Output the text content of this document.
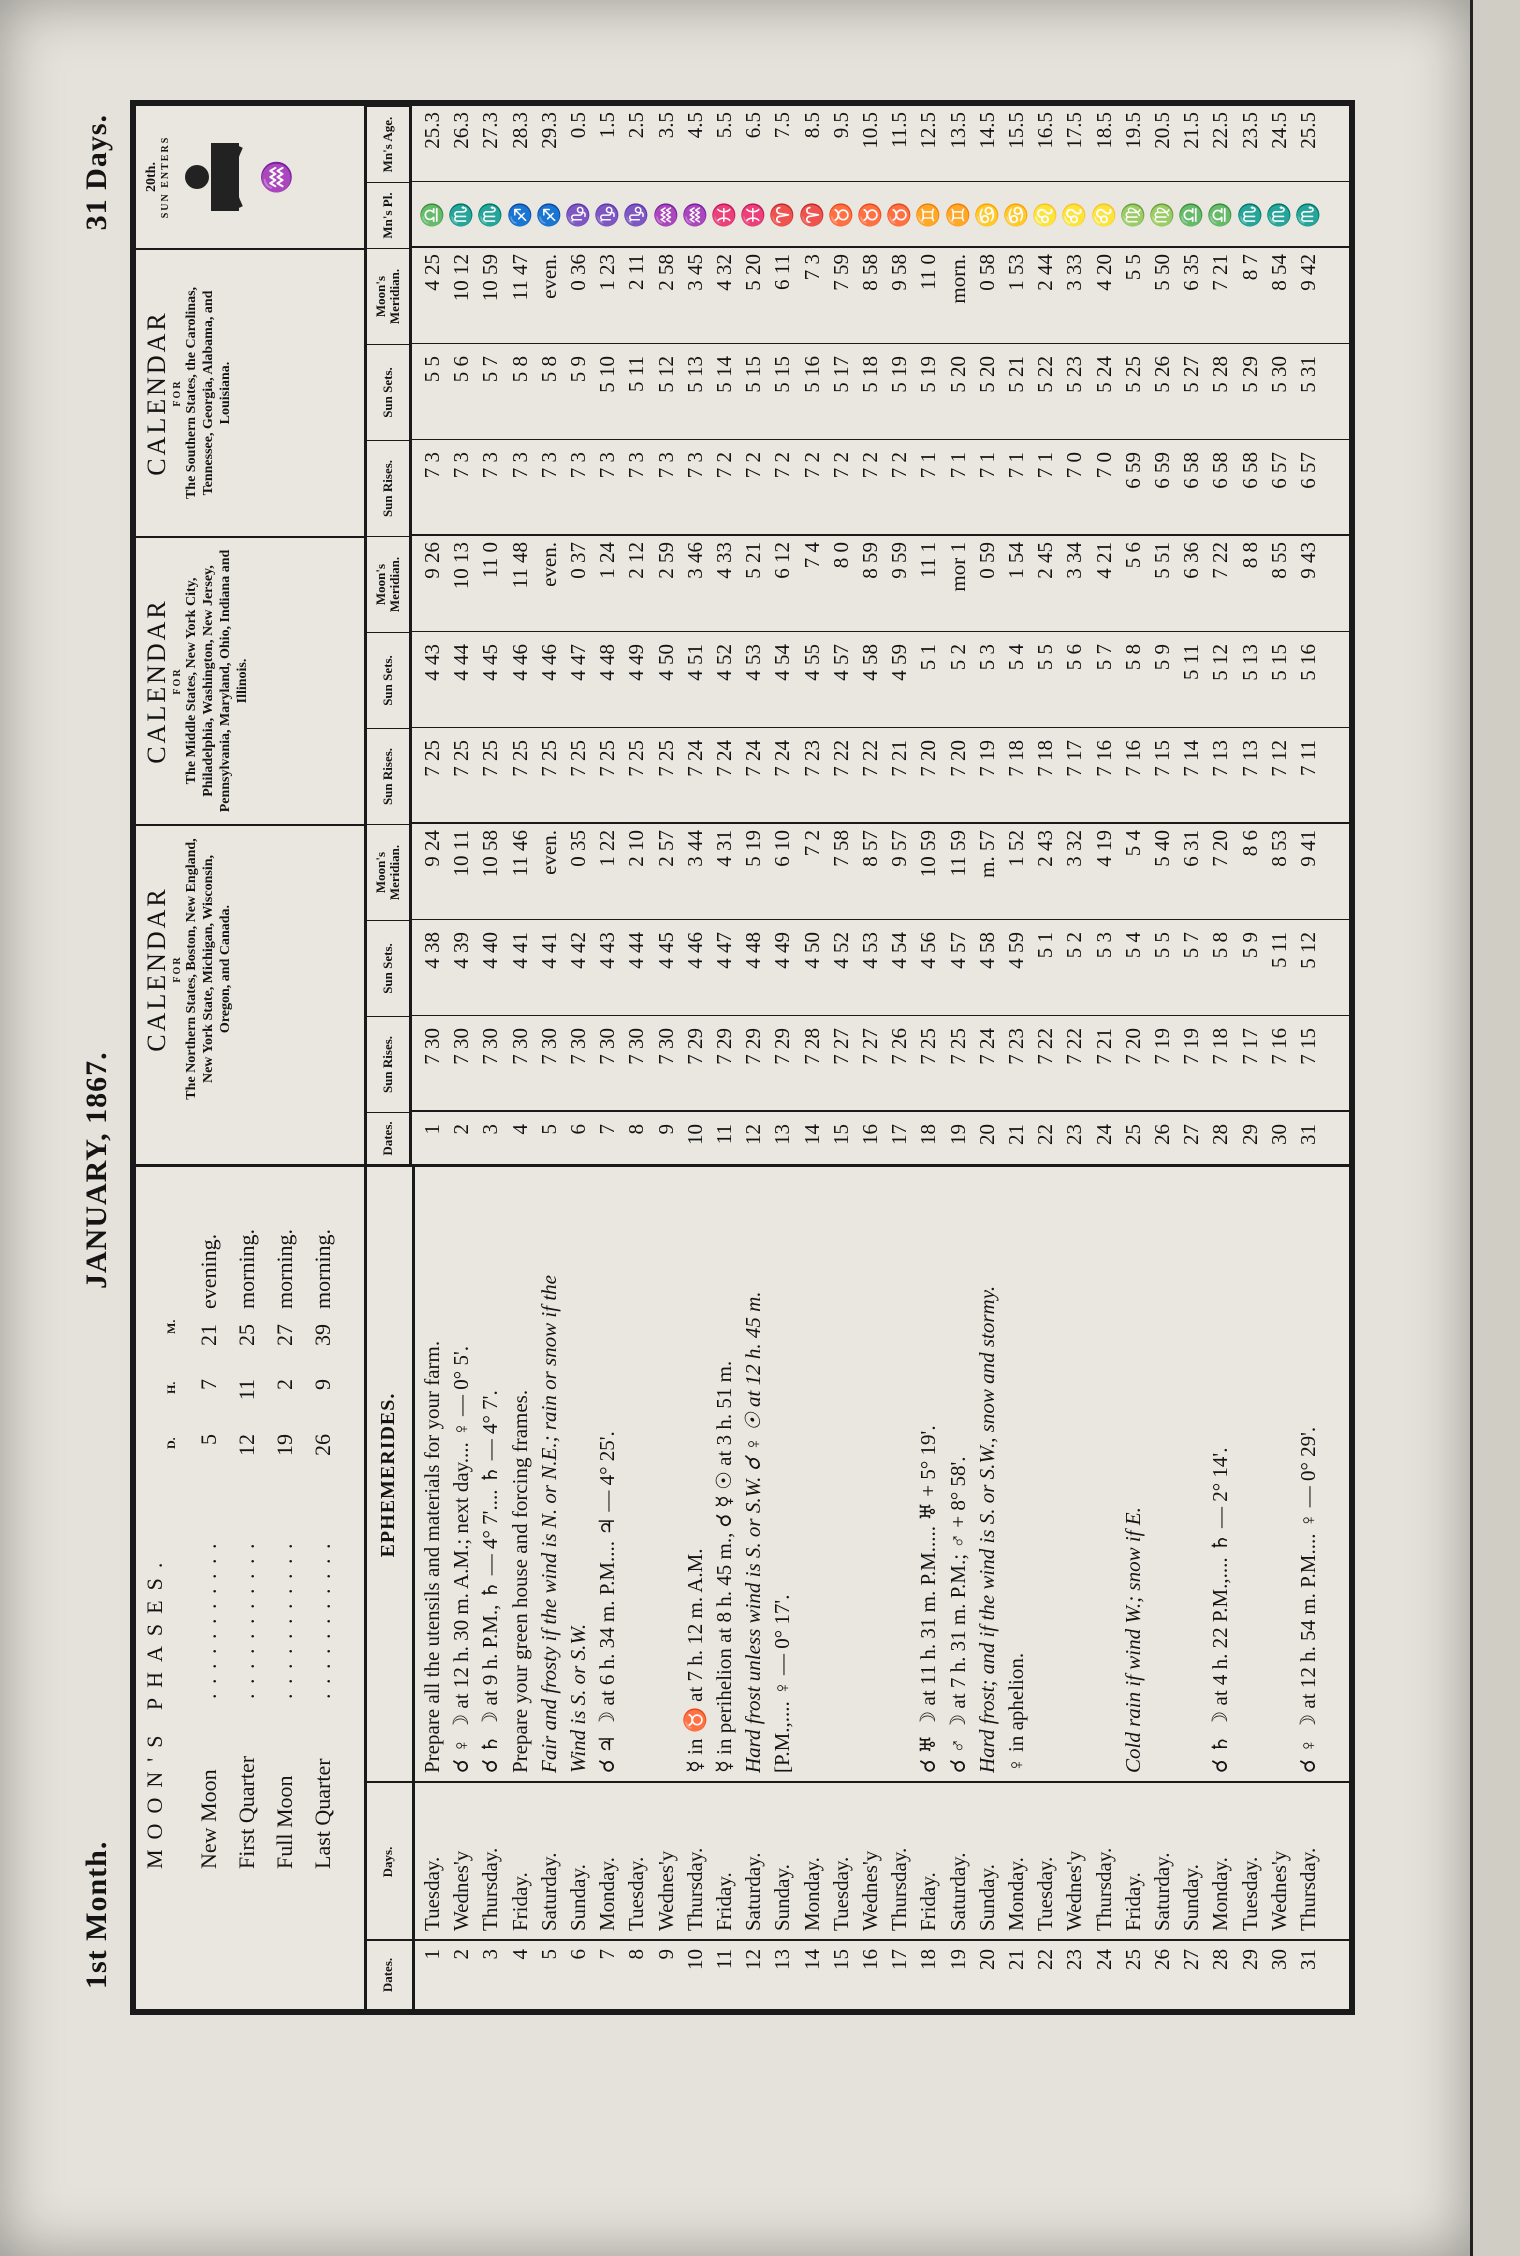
1st Month.
JANUARY, 1867.
31 Days.
MOON'S PHASES.
D.
H.
M.
New Moon
. . . . . . . . . . .
5
7
21
evening.
First Quarter
. . . . . . . . . . .
12
11
25
morning.
Full Moon
. . . . . . . . . . .
19
2
27
morning.
Last Quarter
. . . . . . . . . . .
26
9
39
morning.
Dates.
Days.
EPHEMERIDES.
1
Tuesday.
Prepare all the utensils and materials for your farm.
2
Wednes'y
☌ ♀ ☽ at 12 h. 30 m. A.M.; next day.... ♀ — 0° 5'.
3
Thursday.
☌ ♄ ☽ at 9 h. P.M., ♄ — 4° 7'.... ♄ — 4° 7'.
4
Friday.
Prepare your green house and forcing frames.
5
Saturday.
Fair and frosty if the wind is N. or N.E.; rain or snow if the
6
Sunday.
Wind is S. or S.W.
7
Monday.
☌ ♃ ☽ at 6 h. 34 m. P.M.... ♃ — 4° 25'.
8
Tuesday.
9
Wednes'y
10
Thursday.
☿ in ♉ at 7 h. 12 m. A.M.
11
Friday.
☿ in perihelion at 8 h. 45 m., ☌ ☿ ☉ at 3 h. 51 m.
12
Saturday.
Hard frost unless wind is S. or S.W. ☌ ♀ ☉ at 12 h. 45 m.
13
Sunday.
[P.M.,.... ♀ — 0° 17'.
14
Monday.
15
Tuesday.
16
Wednes'y
17
Thursday.
18
Friday.
☌ ♅ ☽ at 11 h. 31 m. P.M..... ♅ + 5° 19'.
19
Saturday.
☌ ♂ ☽ at 7 h. 31 m. P.M.; ♂ + 8° 58'.
20
Sunday.
Hard frost; and if the wind is S. or S.W., snow and stormy.
21
Monday.
♀ in aphelion.
22
Tuesday.
23
Wednes'y
24
Thursday.
25
Friday.
Cold rain if wind W.; snow if E.
26
Saturday.
27
Sunday.
28
Monday.
☌ ♄ ☽ at 4 h. 22 P.M.,.... ♄ — 2° 14'.
29
Tuesday.
30
Wednes'y
31
Thursday.
☌ ♀ ☽ at 12 h. 54 m. P.M.... ♀ — 0° 29'.
CALENDAR FOR The Northern States, Boston, New England, New York State, Michigan, Wisconsin, Oregon, and Canada.
CALENDAR FOR The Middle States, New York City, Philadelphia, Washington, New Jersey, Pennsylvania, Maryland, Ohio, Indiana and Illinois.
CALENDAR FOR The Southern States, the Carolinas, Tennessee, Georgia, Alabama, and Louisiana.
20th. SUN ENTERS	♒
Dates.
Sun Rises.
Sun Sets.
Moon's Meridian.
Sun Rises.
Sun Sets.
Moon's Meridian.
Sun Rises.
Sun Sets.
Moon's Meridian.
Mn's Pl.
Mn's Age.
1
7 30
4 38
9 24
7 25
4 43
9 26
7 3
5 5
4 25
♎
25.3
2
7 30
4 39
10 11
7 25
4 44
10 13
7 3
5 6
10 12
♏
26.3
3
7 30
4 40
10 58
7 25
4 45
11 0
7 3
5 7
10 59
♏
27.3
4
7 30
4 41
11 46
7 25
4 46
11 48
7 3
5 8
11 47
♐
28.3
5
7 30
4 41
even.
7 25
4 46
even.
7 3
5 8
even.
♐
29.3
6
7 30
4 42
0 35
7 25
4 47
0 37
7 3
5 9
0 36
♑
0.5
7
7 30
4 43
1 22
7 25
4 48
1 24
7 3
5 10
1 23
♑
1.5
8
7 30
4 44
2 10
7 25
4 49
2 12
7 3
5 11
2 11
♑
2.5
9
7 30
4 45
2 57
7 25
4 50
2 59
7 3
5 12
2 58
♒
3.5
10
7 29
4 46
3 44
7 24
4 51
3 46
7 3
5 13
3 45
♒
4.5
11
7 29
4 47
4 31
7 24
4 52
4 33
7 2
5 14
4 32
♓
5.5
12
7 29
4 48
5 19
7 24
4 53
5 21
7 2
5 15
5 20
♓
6.5
13
7 29
4 49
6 10
7 24
4 54
6 12
7 2
5 15
6 11
♈
7.5
14
7 28
4 50
7 2
7 23
4 55
7 4
7 2
5 16
7 3
♈
8.5
15
7 27
4 52
7 58
7 22
4 57
8 0
7 2
5 17
7 59
♉
9.5
16
7 27
4 53
8 57
7 22
4 58
8 59
7 2
5 18
8 58
♉
10.5
17
7 26
4 54
9 57
7 21
4 59
9 59
7 2
5 19
9 58
♉
11.5
18
7 25
4 56
10 59
7 20
5 1
11 1
7 1
5 19
11 0
♊
12.5
19
7 25
4 57
11 59
7 20
5 2
mor 1
7 1
5 20
morn.
♊
13.5
20
7 24
4 58
m. 57
7 19
5 3
0 59
7 1
5 20
0 58
♋
14.5
21
7 23
4 59
1 52
7 18
5 4
1 54
7 1
5 21
1 53
♋
15.5
22
7 22
5 1
2 43
7 18
5 5
2 45
7 1
5 22
2 44
♌
16.5
23
7 22
5 2
3 32
7 17
5 6
3 34
7 0
5 23
3 33
♌
17.5
24
7 21
5 3
4 19
7 16
5 7
4 21
7 0
5 24
4 20
♌
18.5
25
7 20
5 4
5 4
7 16
5 8
5 6
6 59
5 25
5 5
♍
19.5
26
7 19
5 5
5 40
7 15
5 9
5 51
6 59
5 26
5 50
♍
20.5
27
7 19
5 7
6 31
7 14
5 11
6 36
6 58
5 27
6 35
♎
21.5
28
7 18
5 8
7 20
7 13
5 12
7 22
6 58
5 28
7 21
♎
22.5
29
7 17
5 9
8 6
7 13
5 13
8 8
6 58
5 29
8 7
♏
23.5
30
7 16
5 11
8 53
7 12
5 15
8 55
6 57
5 30
8 54
♏
24.5
31
7 15
5 12
9 41
7 11
5 16
9 43
6 57
5 31
9 42
♏
25.5
